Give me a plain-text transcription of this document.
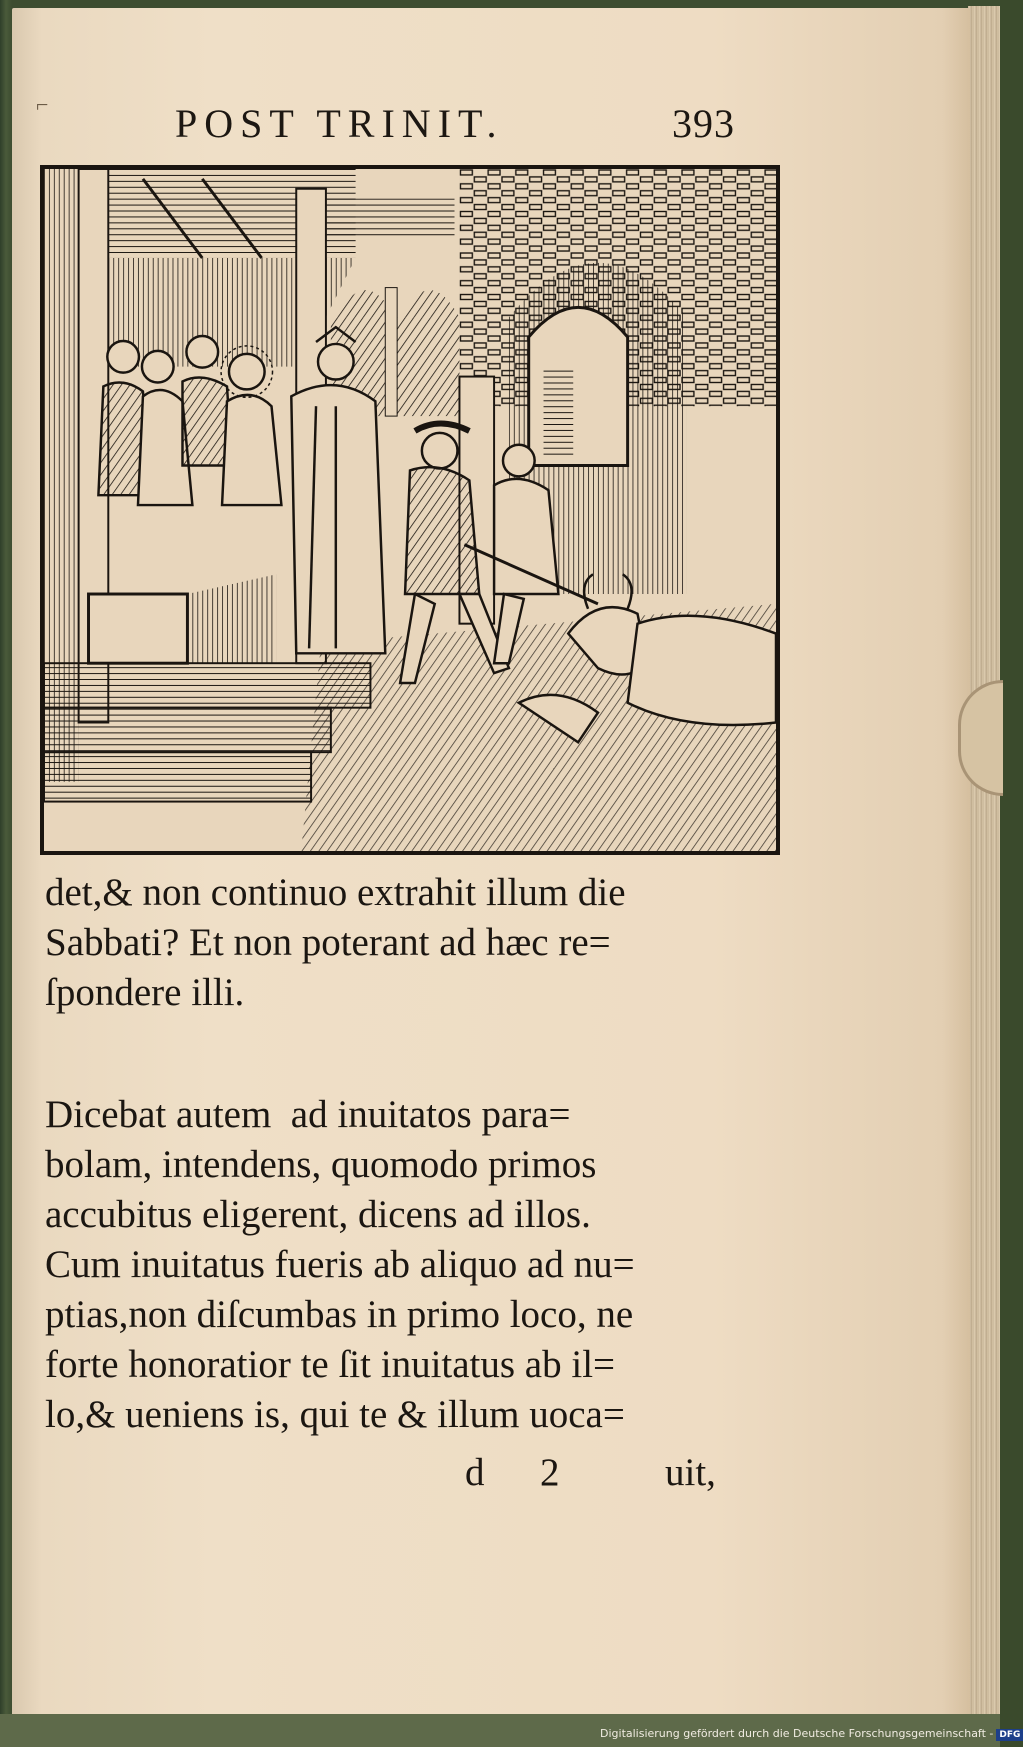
⌐	POST TRINIT.	393
det,& non continuo extrahit illum die
Sabbati? Et non poterant ad hæc re=
ſpondere illi.
Dicebat autem  ad inuitatos para=
bolam, intendens, quomodo primos
accubitus eligerent, dicens ad illos.
Cum inuitatus fueris ab aliquo ad nu=
ptias,non diſcumbas in primo loco, ne
forte honoratior te ſit inuitatus ab il=
lo,& ueniens is, qui te & illum uoca=
d 2	uit,
Digitalisierung gefördert durch die Deutsche Forschungsgemeinschaft - DFG
